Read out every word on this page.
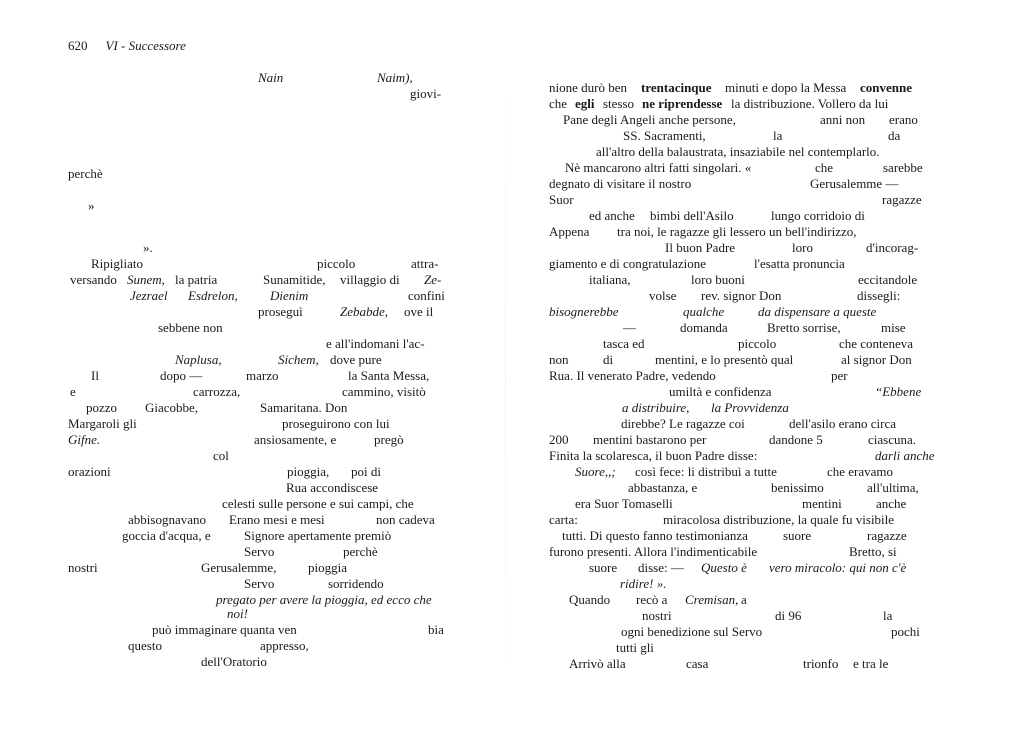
620 VI - Successore
Nain	Naim),
giovi-
perchè
»
».
Ripigliato	piccolo	attra-
versando Sunem, la patria	Sunamitide, villaggio di Ze-
Jezrael Esdrelon, Dienim	confini
proseguì	Zebabde, ove il
sebbene non
e all'indomani l'ac-
Naplusa,	Sichem, dove pure
Il	dopo —	marzo	la Santa Messa,
e	carrozza,	cammino, visitò
pozzo Giacobbe,	Samaritana. Don
Margaroli gli	proseguirono con lui
Gifne.	ansiosamente, e	pregò
col
orazioni	pioggia, poi di
Rua accondiscese
celesti sulle persone e sui campi, che
abbisognavano Erano mesi e mesi	non cadeva
goccia d'acqua, e	Signore apertamente premiò
Servo	perchè
nostri	Gerusalemme, pioggia
Servo	sorridendo
pregato per avere la pioggia, ed ecco che
noi!
può immaginare quanta ven	bia
questo	appresso,
dell'Oratorio
nione durò ben trentacinque minuti e dopo la Messa convenne
che egli stesso ne riprendesse la distribuzione. Vollero da lui
Pane degli Angeli anche persone,	anni non erano
SS. Sacramenti,	la	da
all'altro della balaustrata, insaziabile nel contemplarlo.
Nè mancarono altri fatti singolari. «	che	sarebbe
degnato di visitare il nostro	Gerusalemme —
Suor	ragazze
ed anche bimbi dell'Asilo	lungo corridoio di
Appena tra noi, le ragazze gli lessero un bell'indirizzo,
Il buon Padre	loro	d'incorag-
giamento e di congratulazione	l'esatta pronuncia
italiana,	loro buoni	eccitandole
volse rev. signor Don	dissegli:
bisognerebbe	qualche	da dispensare a queste
—	domanda	Bretto sorrise,	mise
tasca ed	piccolo	che conteneva
non	di	mentini, e lo presentò qual	al signor Don
Rua. Il venerato Padre, vedendo	per
umiltà e confidenza	“Ebbene
a distribuire, la Provvidenza
direbbe? Le ragazze coi	dell'asilo erano circa
200 mentini bastarono per	dandone 5	ciascuna.
Finita la scolaresca, il buon Padre disse:	darli anche
Suore,,; così fece: li distribuì a tutte	che eravamo
abbastanza, e	benissimo	all'ultima,
era Suor Tomaselli	mentini	anche
carta:	miracolosa distribuzione, la quale fu visibile
tutti. Di questo fanno testimonianza	suore	ragazze
furono presenti. Allora l'indimenticabile	Bretto, si
suore disse: — Questo è vero miracolo: qui non c'è
ridire! ».
Quando recò a Cremisan, a
nostri	di 96	la
ogni benedizione sul Servo	pochi
tutti gli
Arrivò alla	casa	trionfo e tra le
